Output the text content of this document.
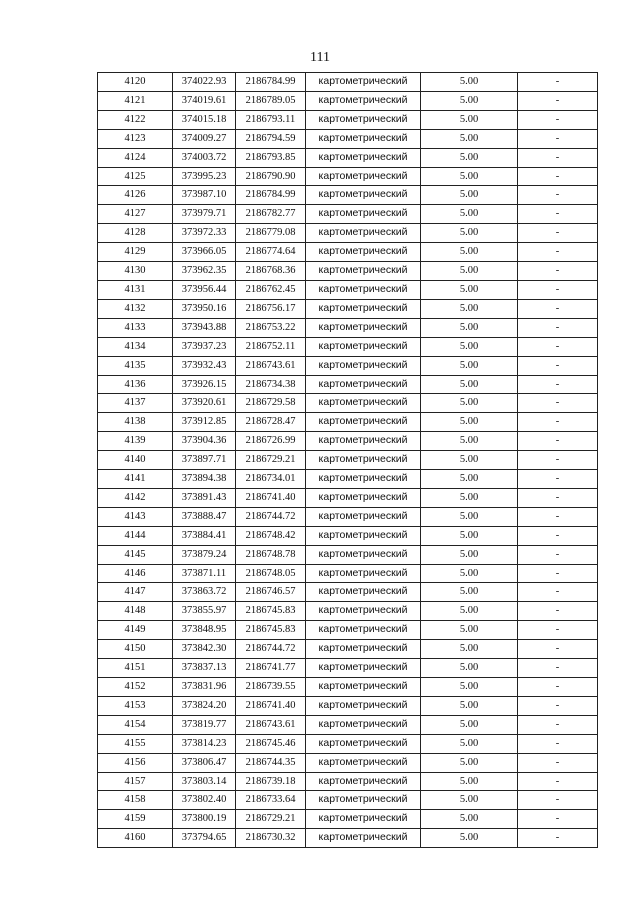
111
4120	374022.93	2186784.99	картометрический	5.00	-
4121	374019.61	2186789.05	картометрический	5.00	-
4122	374015.18	2186793.11	картометрический	5.00	-
4123	374009.27	2186794.59	картометрический	5.00	-
4124	374003.72	2186793.85	картометрический	5.00	-
4125	373995.23	2186790.90	картометрический	5.00	-
4126	373987.10	2186784.99	картометрический	5.00	-
4127	373979.71	2186782.77	картометрический	5.00	-
4128	373972.33	2186779.08	картометрический	5.00	-
4129	373966.05	2186774.64	картометрический	5.00	-
4130	373962.35	2186768.36	картометрический	5.00	-
4131	373956.44	2186762.45	картометрический	5.00	-
4132	373950.16	2186756.17	картометрический	5.00	-
4133	373943.88	2186753.22	картометрический	5.00	-
4134	373937.23	2186752.11	картометрический	5.00	-
4135	373932.43	2186743.61	картометрический	5.00	-
4136	373926.15	2186734.38	картометрический	5.00	-
4137	373920.61	2186729.58	картометрический	5.00	-
4138	373912.85	2186728.47	картометрический	5.00	-
4139	373904.36	2186726.99	картометрический	5.00	-
4140	373897.71	2186729.21	картометрический	5.00	-
4141	373894.38	2186734.01	картометрический	5.00	-
4142	373891.43	2186741.40	картометрический	5.00	-
4143	373888.47	2186744.72	картометрический	5.00	-
4144	373884.41	2186748.42	картометрический	5.00	-
4145	373879.24	2186748.78	картометрический	5.00	-
4146	373871.11	2186748.05	картометрический	5.00	-
4147	373863.72	2186746.57	картометрический	5.00	-
4148	373855.97	2186745.83	картометрический	5.00	-
4149	373848.95	2186745.83	картометрический	5.00	-
4150	373842.30	2186744.72	картометрический	5.00	-
4151	373837.13	2186741.77	картометрический	5.00	-
4152	373831.96	2186739.55	картометрический	5.00	-
4153	373824.20	2186741.40	картометрический	5.00	-
4154	373819.77	2186743.61	картометрический	5.00	-
4155	373814.23	2186745.46	картометрический	5.00	-
4156	373806.47	2186744.35	картометрический	5.00	-
4157	373803.14	2186739.18	картометрический	5.00	-
4158	373802.40	2186733.64	картометрический	5.00	-
4159	373800.19	2186729.21	картометрический	5.00	-
4160	373794.65	2186730.32	картометрический	5.00	-
